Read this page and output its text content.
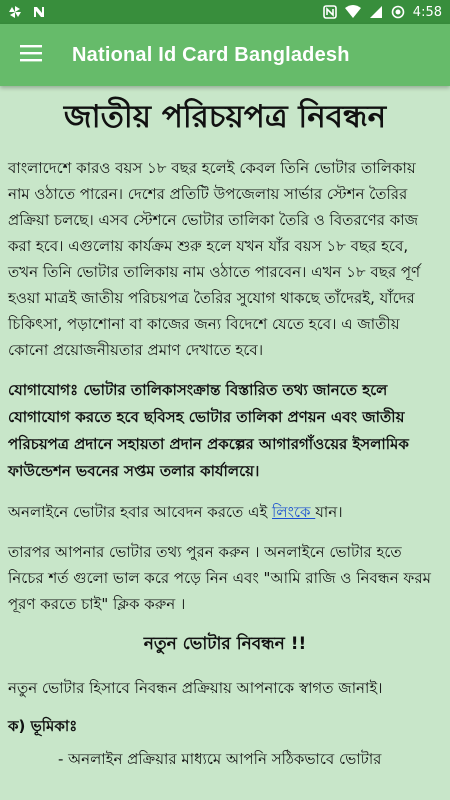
4:58
National Id Card Bangladesh
জাতীয় পরিচয়পত্র নিবন্ধন

বাংলাদেশে কারও বয়স ১৮ বছর হলেই কেবল তিনি ভোটার তালিকায় নাম ওঠাতে পারেন। দেশের প্রতিটি উপজেলায় সার্ভার স্টেশন তৈরির প্রক্রিয়া চলছে। এসব স্টেশনে ভোটার তালিকা তৈরি ও বিতরণের কাজ করা হবে। এগুলোয় কার্যক্রম শুরু হলে যখন যাঁর বয়স ১৮ বছর হবে, তখন তিনি ভোটার তালিকায় নাম ওঠাতে পারবেন। এখন ১৮ বছর পূর্ণ হওয়া মাত্রই জাতীয় পরিচয়পত্র তৈরির সুযোগ থাকছে তাঁদেরই, যাঁদের চিকিৎসা, পড়াশোনা বা কাজের জন্য বিদেশে যেতে হবে। এ জাতীয় কোনো প্রয়োজনীয়তার প্রমাণ দেখাতে হবে।

যোগাযোগঃ ভোটার তালিকাসংক্রান্ত বিস্তারিত তথ্য জানতে হলে যোগাযোগ করতে হবে ছবিসহ ভোটার তালিকা প্রণয়ন এবং জাতীয় পরিচয়পত্র প্রদানে সহায়তা প্রদান প্রকল্পের আগারগাঁওয়ের ইসলামিক ফাউন্ডেশন ভবনের সপ্তম তলার কার্যালয়ে।

অনলাইনে ভোটার হবার আবেদন করতে এই লিংকে যান।

তারপর আপনার ভোটার তথ্য পুরন করুন । অনলাইনে ভোটার হতে নিচের শর্ত গুলো ভাল করে পড়ে নিন এবং "আমি রাজি ও নিবন্ধন ফরম পূরণ করতে চাই" ক্লিক করুন ।

নতুন ভোটার নিবন্ধন !!

নতুন ভোটার হিসাবে নিবন্ধন প্রক্রিয়ায় আপনাকে স্বাগত জানাই।

ক) ভূমিকাঃ
- অনলাইন প্রক্রিয়ার মাধ্যমে আপনি সঠিকভাবে ভোটার
